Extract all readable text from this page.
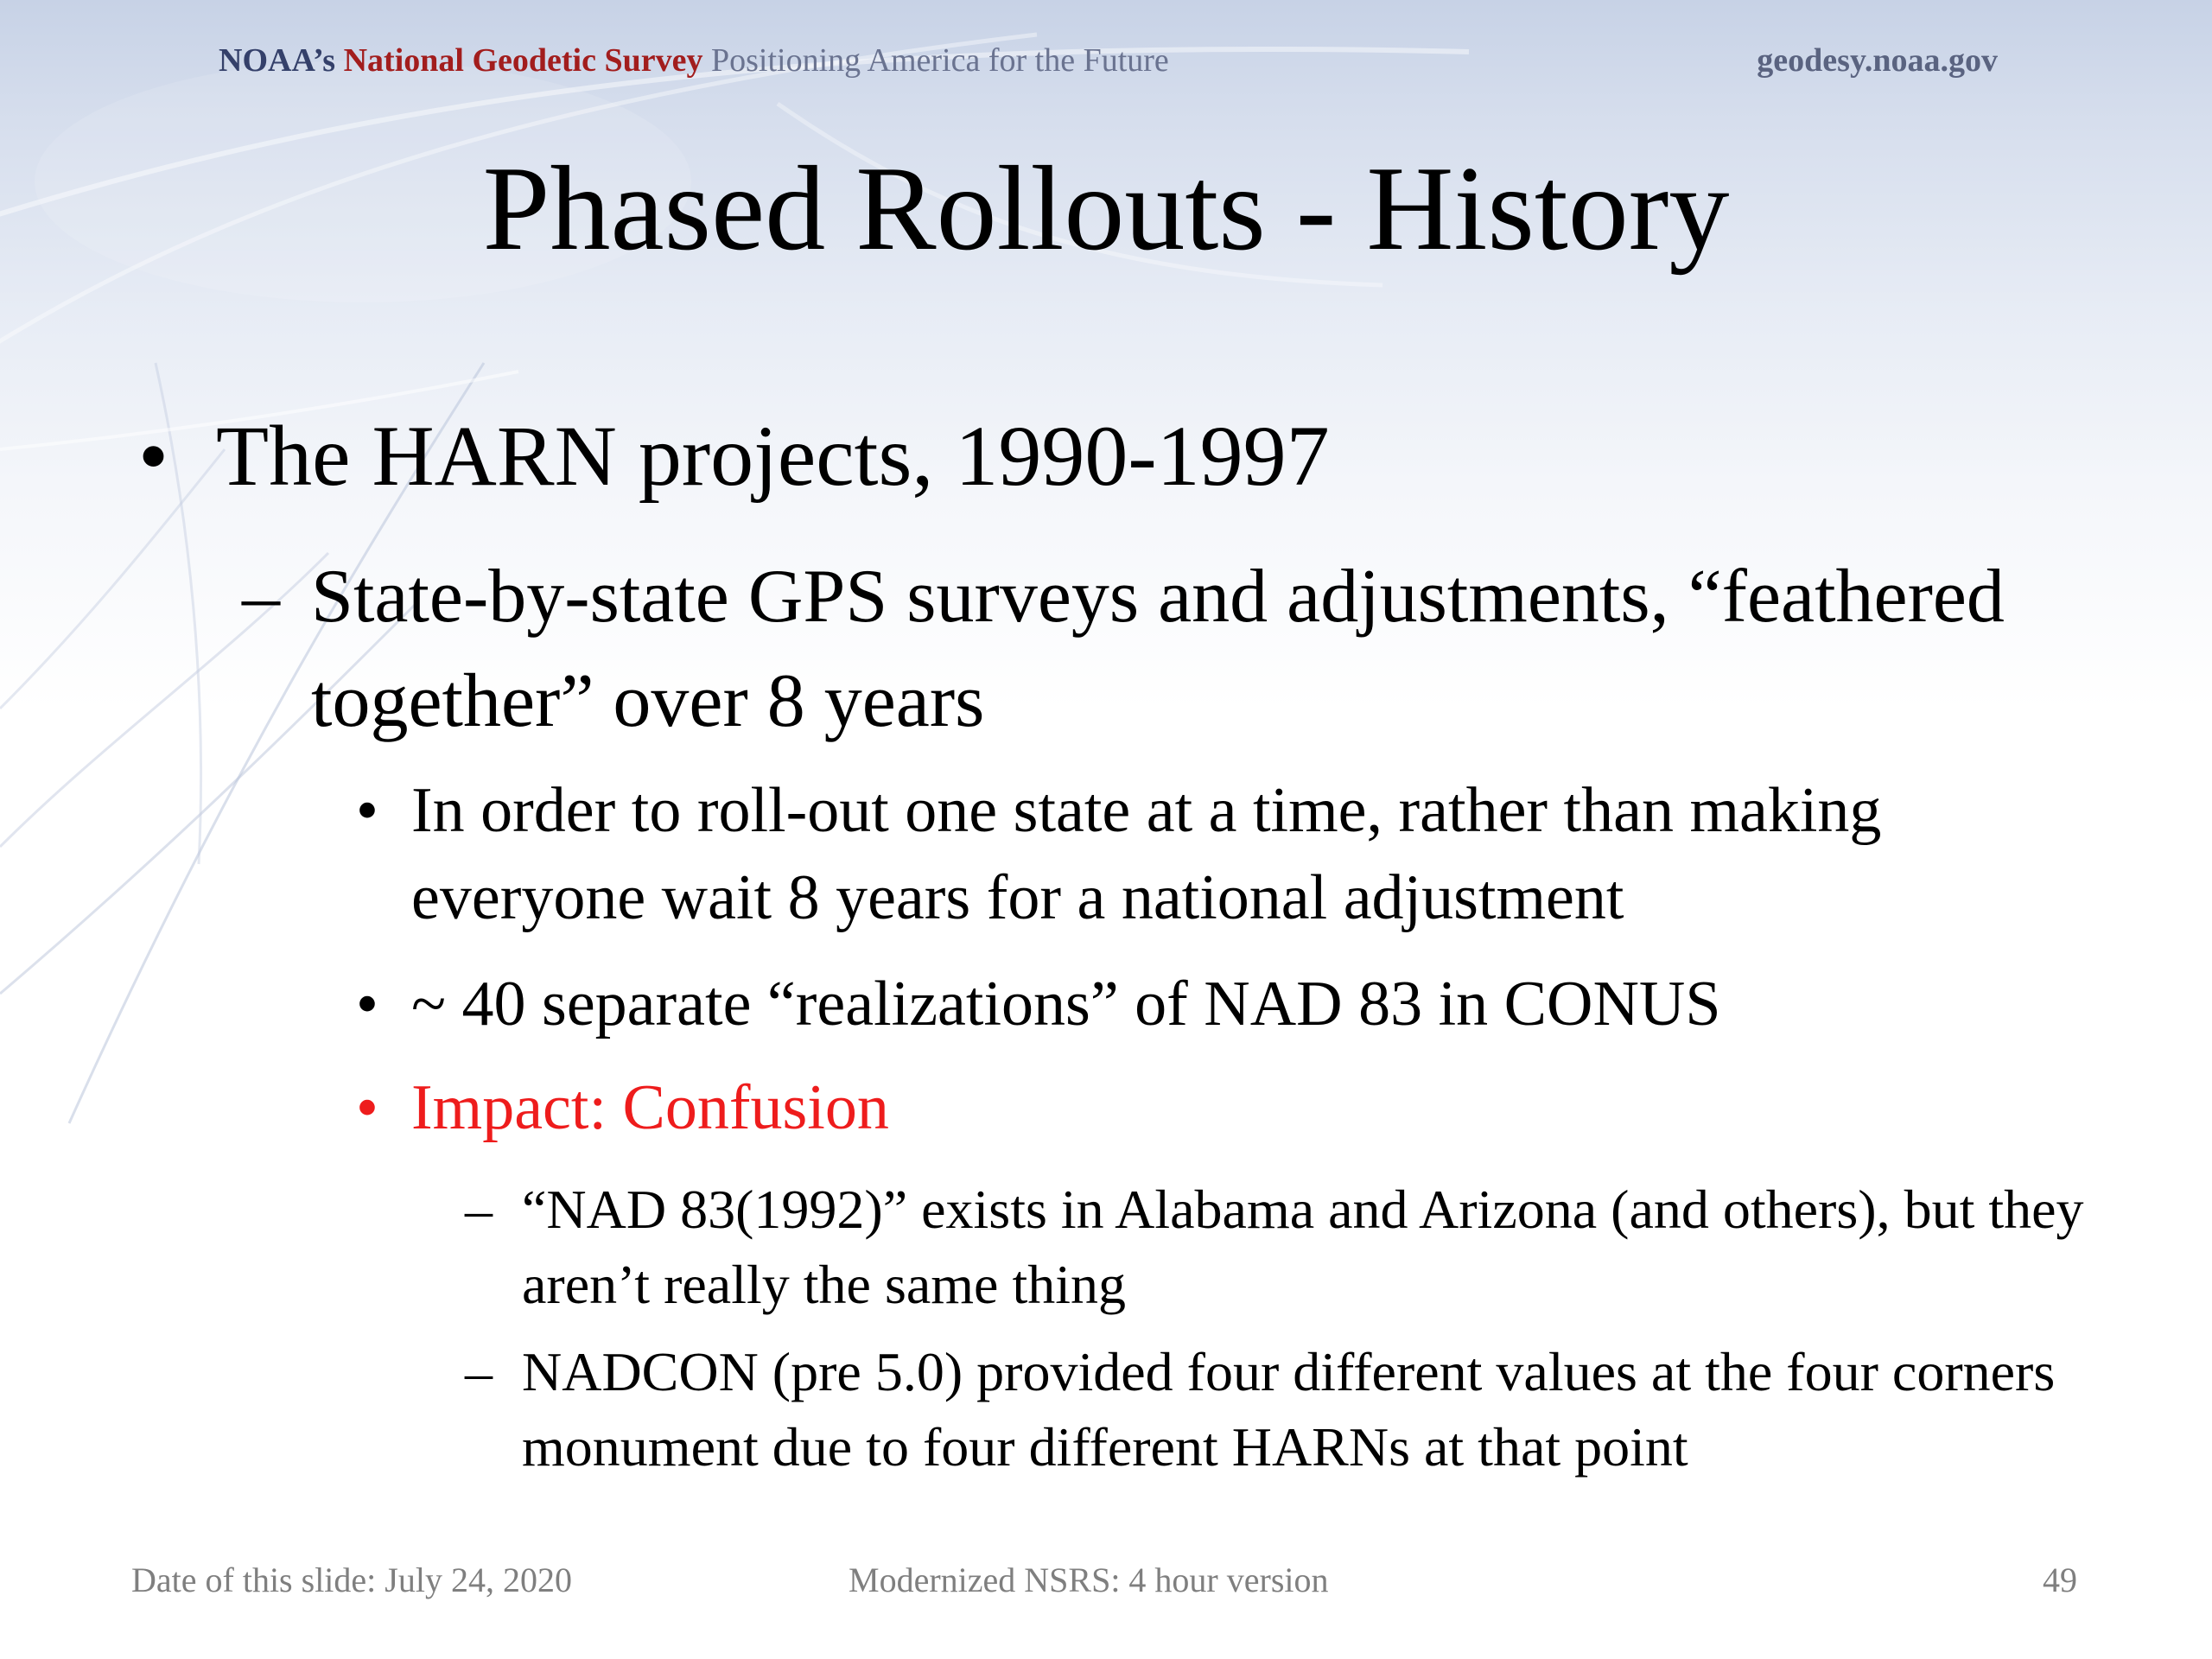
NOAA’s National Geodetic Survey Positioning America for the Future	geodesy.noaa.gov
Phased Rollouts - History
• The HARN projects, 1990-1997
– State-by-state GPS surveys and adjustments, “feathered together” over 8 years
• In order to roll-out one state at a time, rather than making everyone wait 8 years for a national adjustment
• ~ 40 separate “realizations” of NAD 83 in CONUS
• Impact: Confusion
– “NAD 83(1992)” exists in Alabama and Arizona (and others), but they aren’t really the same thing
– NADCON (pre 5.0) provided four different values at the four corners monument due to four different HARNs at that point
Date of this slide: July 24, 2020	Modernized NSRS: 4 hour version	49
